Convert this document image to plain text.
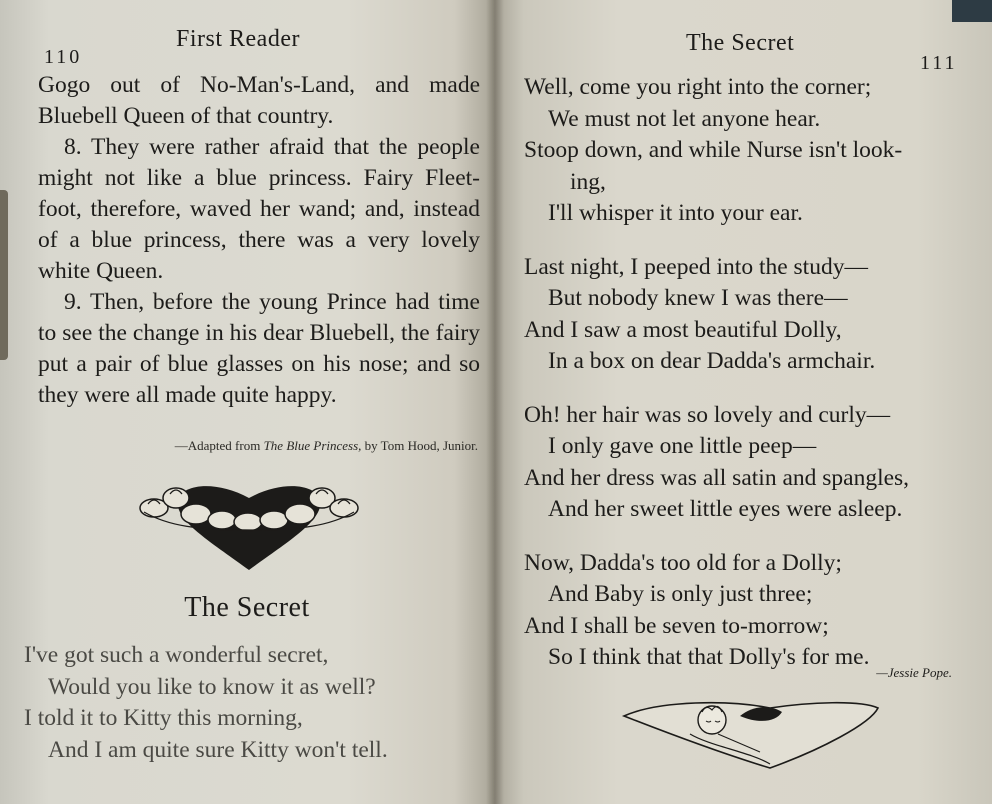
110
First Reader

Gogo out of No-Man's-Land, and made Bluebell Queen of that country.

8. They were rather afraid that the people might not like a blue princess. Fairy Fleet-foot, therefore, waved her wand; and, instead of a blue princess, there was a very lovely white Queen.

9. Then, before the young Prince had time to see the change in his dear Bluebell, the fairy put a pair of blue glasses on his nose; and so they were all made quite happy.

—Adapted from The Blue Princess, by Tom Hood, Junior.
The Secret
I've got such a wonderful secret,
Would you like to know it as well?
I told it to Kitty this morning,
And I am quite sure Kitty won't tell.
The Secret
111
Well, come you right into the corner;
We must not let anyone hear.
Stoop down, and while Nurse isn't look-
ing,
I'll whisper it into your ear.
Last night, I peeped into the study—
But nobody knew I was there—
And I saw a most beautiful Dolly,
In a box on dear Dadda's armchair.
Oh! her hair was so lovely and curly—
I only gave one little peep—
And her dress was all satin and spangles,
And her sweet little eyes were asleep.
Now, Dadda's too old for a Dolly;
And Baby is only just three;
And I shall be seven to-morrow;
So I think that that Dolly's for me.
—Jessie Pope.
